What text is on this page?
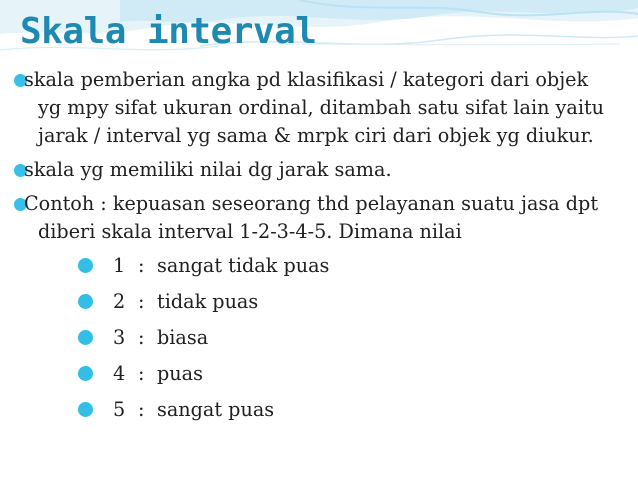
Skala interval
skala pemberian angka pd klasifikasi / kategori dari objek yg mpy sifat ukuran ordinal, ditambah satu sifat lain yaitu jarak / interval yg sama & mrpk ciri dari objek yg diukur.
skala yg memiliki nilai dg jarak sama.
Contoh : kepuasan seseorang thd pelayanan suatu jasa dpt diberi skala interval 1-2-3-4-5. Dimana nilai
1 : sangat tidak puas
2 : tidak puas
3 : biasa
4 : puas
5 : sangat puas
